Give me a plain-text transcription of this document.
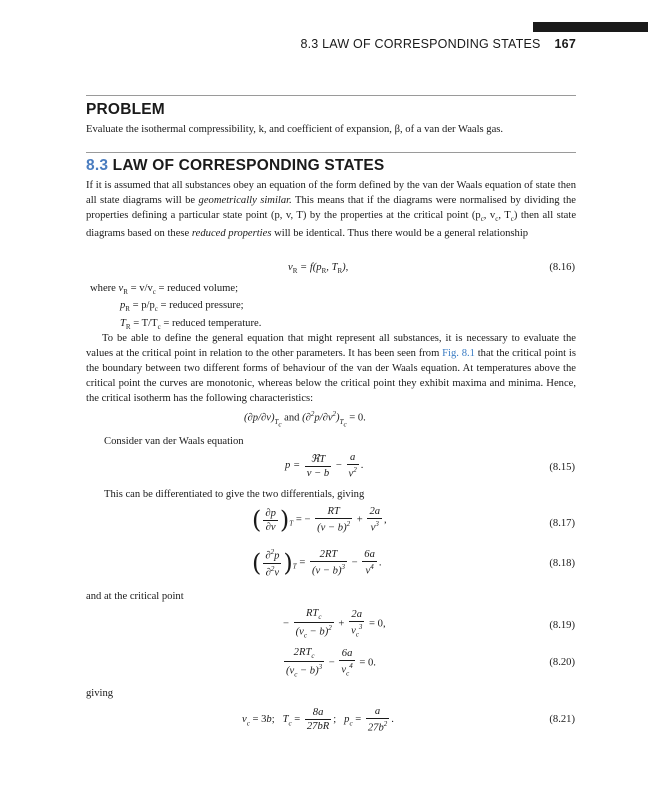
8.3 LAW OF CORRESPONDING STATES 167
PROBLEM
Evaluate the isothermal compressibility, k, and coefficient of expansion, β, of a van der Waals gas.
8.3 LAW OF CORRESPONDING STATES
If it is assumed that all substances obey an equation of the form defined by the van der Waals equation of state then all state diagrams will be geometrically similar. This means that if the diagrams were normalised by dividing the properties defining a particular state point (p, v, T) by the properties at the critical point ($p_c$, $v_c$, $T_c$) then all state diagrams based on these reduced properties will be identical. Thus there would be a general relationship
$v_R = f(p_R$, $T_R$),	(8.16)
where $v_R = v/v_c$ = reduced volume;
$p_R = p/p_c$ = reduced pressure;
$T_R = T/T_c$ = reduced temperature.
To be able to define the general equation that might represent all substances, it is necessary to evaluate the values at the critical point in relation to the other parameters. It has been seen from Fig. 8.1 that the critical point is the boundary between two different forms of behaviour of the van der Waals equation. At temperatures above the critical point the curves are monotonic, whereas below the critical point they exhibit maxima and minima. Hence, the critical isotherm has the following characteristics:
$(\partial p/\partial v)_{T_c}$ and $(\partial^2p/\partial v^2)_{T_c} = 0$.
Consider van der Waals equation
$p = \frac{\text{ℜT}}{v - b} - \frac{a}{v^2}$ .	(8.15)
This can be differentiated to give the two differentials, giving
( $\frac{\partial p}{\partial v} )_T$ = − $\frac{RT}{(v - b)^2} + \frac{2a}{v^3}$ ,	(8.17)
( $\frac{\partial^2p}{\partial^2v} )_T = \frac{2RT}{(v - b)^3} - \frac{6a}{v^4}$ .	(8.18)
and at the critical point
− $\frac{RT_c}{(v_c - b)^2} + \frac{2a}{v_c^3} = 0$,	(8.19)
$\frac{2RT_c}{(v_c - b)^3} - \frac{6a}{v_c^4} = 0$.	(8.20)
giving
$v_c = 3b$;   $T_c = \frac{8a}{27bR}$ ;   $p_c = \frac{a}{27b^2}$ .	(8.21)
